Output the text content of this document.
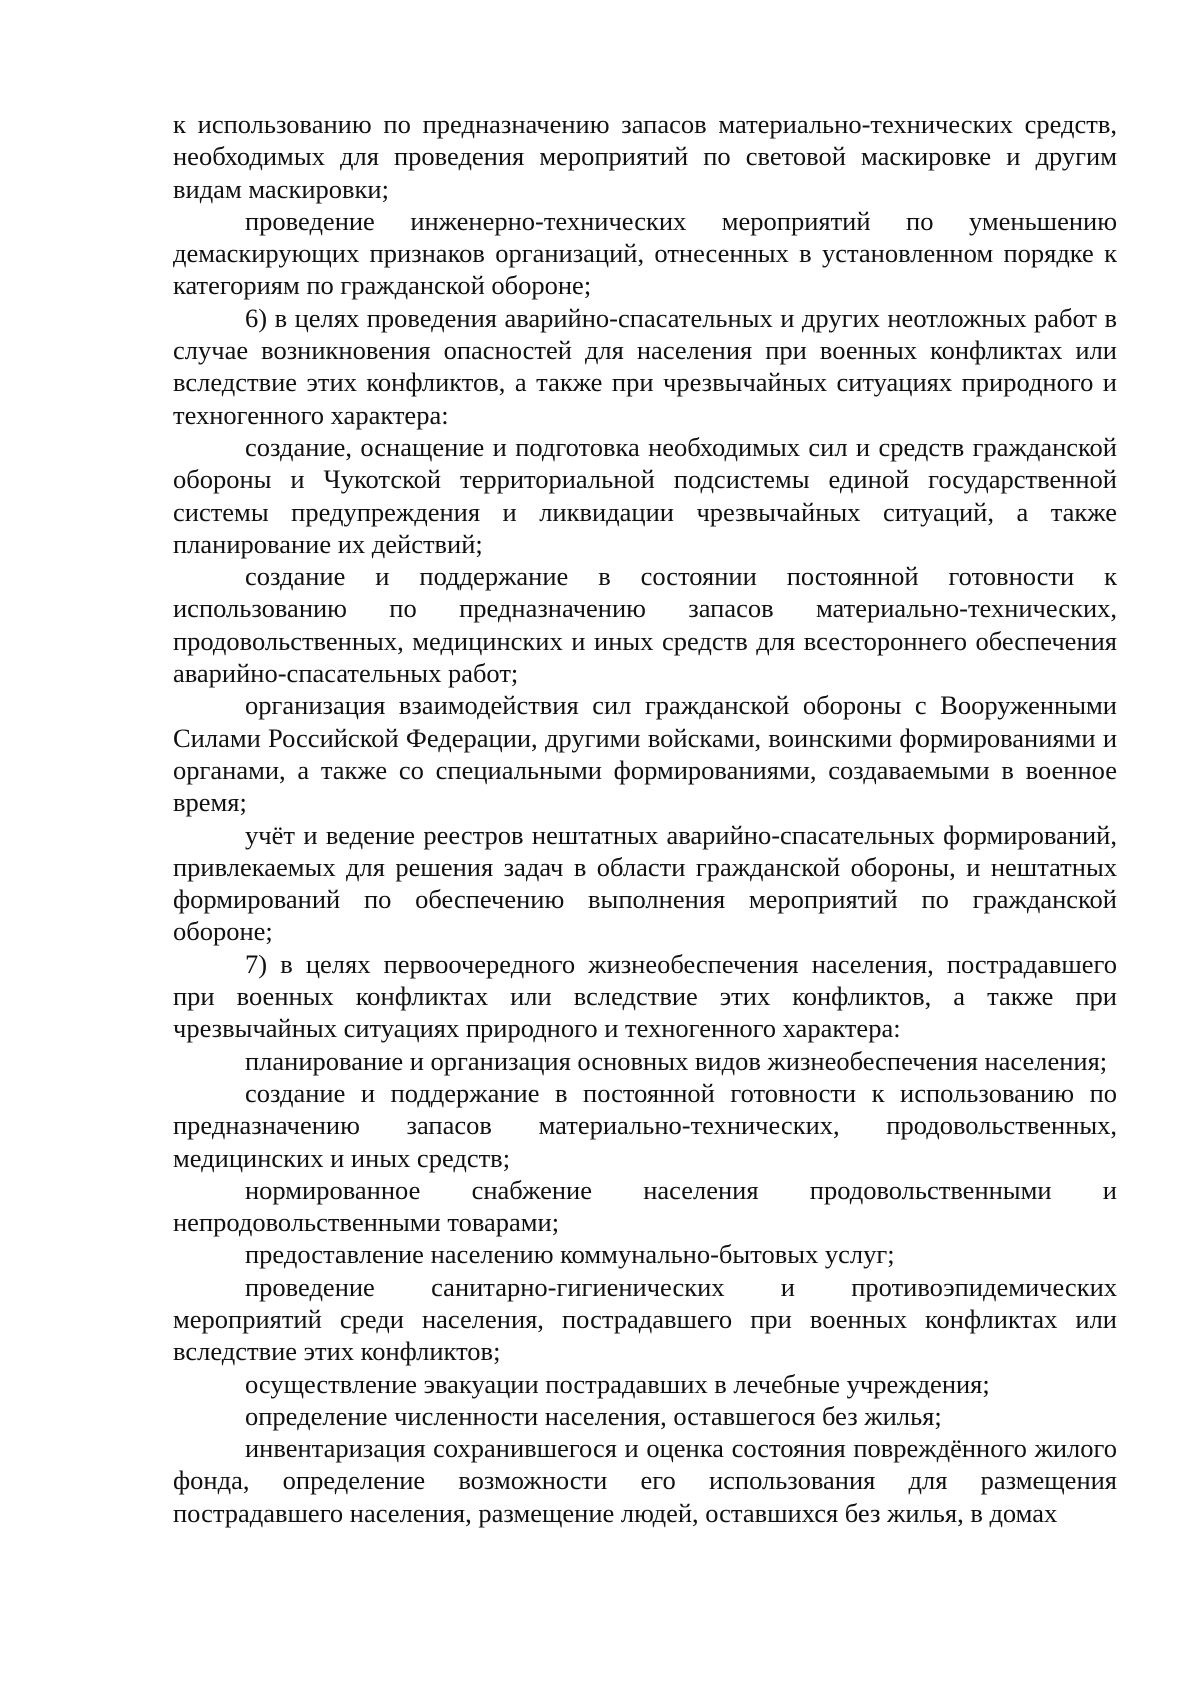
к использованию по предназначению запасов материально-технических средств, необходимых для проведения мероприятий по световой маскировке и другим видам маскировки;

проведение инженерно-технических мероприятий по уменьшению демаскирующих признаков организаций, отнесенных в установленном порядке к категориям по гражданской обороне;

6) в целях проведения аварийно-спасательных и других неотложных работ в случае возникновения опасностей для населения при военных конфликтах или вследствие этих конфликтов, а также при чрезвычайных ситуациях природного и техногенного характера:

создание, оснащение и подготовка необходимых сил и средств гражданской обороны и Чукотской территориальной подсистемы единой государственной системы предупреждения и ликвидации чрезвычайных ситуаций, а также планирование их действий;

создание и поддержание в состоянии постоянной готовности к использованию по предназначению запасов материально-технических, продовольственных, медицинских и иных средств для всестороннего обеспечения аварийно-спасательных работ;

организация взаимодействия сил гражданской обороны с Вооруженными Силами Российской Федерации, другими войсками, воинскими формированиями и органами, а также со специальными формированиями, создаваемыми в военное время;

учёт и ведение реестров нештатных аварийно-спасательных формирований, привлекаемых для решения задач в области гражданской обороны, и нештатных формирований по обеспечению выполнения мероприятий по гражданской обороне;

7) в целях первоочередного жизнеобеспечения населения, пострадавшего при военных конфликтах или вследствие этих конфликтов, а также при чрезвычайных ситуациях природного и техногенного характера:

планирование и организация основных видов жизнеобеспечения населения;

создание и поддержание в постоянной готовности к использованию по предназначению запасов материально-технических, продовольственных, медицинских и иных средств;

нормированное снабжение населения продовольственными и непродовольственными товарами;

предоставление населению коммунально-бытовых услуг;

проведение санитарно-гигиенических и противоэпидемических мероприятий среди населения, пострадавшего при военных конфликтах или вследствие этих конфликтов;

осуществление эвакуации пострадавших в лечебные учреждения;

определение численности населения, оставшегося без жилья;

инвентаризация сохранившегося и оценка состояния повреждённого жилого фонда, определение возможности его использования для размещения пострадавшего населения, размещение людей, оставшихся без жилья, в домах
